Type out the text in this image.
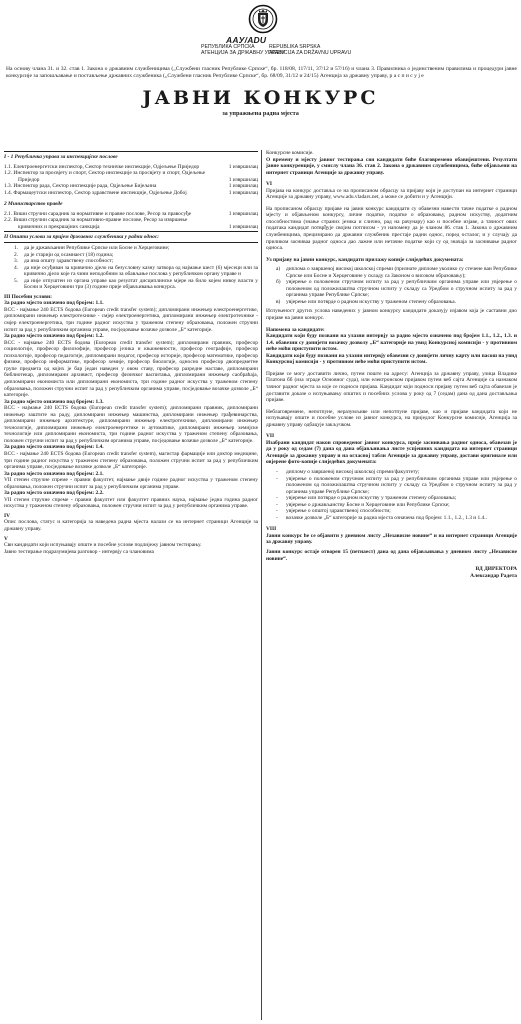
AAУ/ADU
РЕПУБЛИКА СРПСКА
АГЕНЦИЈА ЗА ДРЖАВНУ УПРАВУ
REPUBLIKA SRPSKA
AGENCIJA ZA DRŽAVNU UPRAVU
На основу члана 31. и 32. став 1. Закона о државним службеницима („Службени гласник Републике Српске“, бр. 118/08, 117/11, 37/12 и 57/16) и члана 3. Правилника о јединственим правилима и процедури јавне конкурсије за запошљавање и постављење државних службеника („Службени гласник Републике Српске“, бр. 68/09, 31/12 и 24/15) Агенција за државну управу, р а с п и с у ј е
ЈАВНИ КОНКУРС
за упражњена радна мјеста
I - 1 Републичка управа за инспекцијске послове
1.1. Електроенергетски инспектор, Сектор техничке инспекције, Одјељење Приједор	1 извршилац
1.2. Инспектор за просвјету и спорт, Сектор инспекције за просвјету и спорт, Одјељење Приједор	1 извршилац
1.3. Инспектор рада, Сектор инспекције рада, Одјељење Бијељина	1 извршилац
1.4. Фармацеутски инспектор, Сектор здравствене инспекције, Одјељење Добој	1 извршилац
2 Министарство правде
2.1. Виши стручни сарадник за нормативне и правне послове, Ресор за правосуђе	1 извршилац
2.2. Виши стручни сарадник за нормативно-правне послове, Ресор за извршење кривичних и прекршајних санкција	1 извршилац
II Општи услови за пријем државног службеника у радни однос:
1.	да је држављанин Републике Српске или Босне и Херцеговине;
2.	да је старији од осамнаест (18) година;
3.	да има општу здравствену способност;
4.	да није осуђиван за кривично дјело на безусловну казну затвора од најмање шест (6) мјесеци или за кривично дјело које га чини неподобним за обављање послова у републичком органу управе и
5.	да није отпуштен из органа управе као резултат дисциплинске мјере на било којем нивоу власти у Босни и Херцеговини три (3) године прије објављивања конкурса.
III Посебни услови:
За радно мјесто означено под бројем: 1.1.
ВСС - најмање 240 ECTS бодова (European credit transfer system); дипломирани инжењер електроенергетике, дипломирани инжењер електротехнике - смјер електроенергетика, дипломирани инжењер електротехнике - смјер електроенергетика, три године радног искуства у траженом степену образовања, положен стручни испит за рад у републичким органима управе, посједовање возачке дозволе „Б“ категорије.
За радно мјесто означено под бројем: 1.2.
ВСС - најмање 240 ECTS бодова (European credit transfer system); дипломирани правник, професор социологије, професор филозофије, професор језика и књижевности, професор географије, професор психологије, професор педагогије, дипломирани педагог, професор историје, професор математике, професор физике, професор информатике, професор хемије, професор биологије, односно професор двопредметне групе предмета од којих је бар један наведен у овом ставу, професор разредне наставе, дипломирани библиотекар, дипломирани архивист, професор физичког васпитања, дипломирани инжењер саобраћаја, дипломирани економиста или дипломирани економиста, три године радног искуства у траженом степену образовања, положен стручни испит за рад у републичким органима управе, посједовање возачке дозволе „Б“ категорије.
За радно мјесто означено под бројем: 1.3.
ВСС - најмање 240 ECTS бодова (European credit transfer system); дипломирани правник, дипломирани инжењер заштите на раду, дипломирани инжењер машинства, дипломирани инжењер грађевинарства, дипломирани инжењер архитектуре, дипломирани инжењер електротехнике, дипломирани инжењер технологије, дипломирани инжењер електроенергетике и аутоматике, дипломирани инжењер хемијске технологије или дипломирани економиста, три године радног искуства у траженом степену образовања, положен стручни испит за рад у републичким органима управе, посједовање возачке дозволе „Б“ категорије.
За радно мјесто означено под бројем: 1.4.
ВСС - најмање 240 ECTS бодова (European credit transfer system), магистар фармације или доктор медицине, три године радног искуства у траженом степену образовања, положен стручни испит за рад у републичким органима управе, посједовање возачке дозволе „Б“ категорије.
За радно мјесто означено под бројем: 2.1.
VII степен стручне спреме - правни факултет, најмање двије године радног искуства у траженом степену образовања, положен стручни испит за рад у републичким органима управе.
За радно мјесто означено под бројем: 2.2.
VII степен стручне спреме - правни факултет или факултет правних наука, најмање једна година радног искуства у траженом степену образовања, положен стручни испит за рад у републичким органима управе.
IV
Опис послова, статус и категорија за наведена радна мјеста налази се на интернет страници Агенције за државну управу.
V
Сви кандидати који испуњавају опште и посебне услове подлијежу јавном тестирању.
Јавно тестирање подразумијева разговор - интервју са члановима
Конкурсне комисије.
О времену и мјесту јавног тестирања сви кандидати биће благовремено обавијештени. Резултати јавне конкуренције, у смислу члана 36. став 2. Закона о државним службеницима, биће објављени на интернет страници Агенције за државну управу.
VI
Пријава на конкурс доставља се на прописаном обрасцу за пријаву који је доступан на интернет страници Агенције за државну управу, www.adu.vladars.net, а може се добити и у Агенцији.
На прописаном обрасцу пријаве на јавни конкурс кандидати су обавезни навести тачне податке о радном мјесту и објављеном конкурсу, личне податке, податке о образовању, радном искуству, додатним способностима (знање страних језика и слично, рад на рачунару) као и посебне изјаве, а тачност ових података кандидат потврђује својим потписом - уз напомену да је чланом 86. став 1. Закона о државним службеницима, прецизирано да државни службеник престаје радни однос, поред осталог, и у случају да приликом засниваа радног односа дао лажне или нетачне податке који су од значаја за заснивање радног односа.
Уз пријаву на јавни конкурс, кандидати прилажу копије слиједећих докумената:
а)	диплома о завршеној високој школској спреми (признате дипломе уколико су стечене ван Републике Српске или Босне и Херцеговине у складу са Законом о високом образовању);
б)	увјерење о положеном стручном испиту за рад у републичким органима управе или увјерење о положеном од положилаштва стручном испиту у складу са Уредбом о стручном испиту за рад у органима управе Републике Српске;
в)	увјерење или потврде о радном искуству у траженом степену образовања.
Испуњеност других услова наведених у јавном конкурсу кандидати доказују изјавом која је саставни дио пријаве на јавни конкурс.
Напомена за кандидате:
Кандидати који буду позвани на улазни интервју за радно мјесто означено под бројем 1.1., 1.2., 1.3. и 1.4. обавезни су донијети возачку дозволу „Б“ категорије на увид Конкурсној комисији - у противном неће моћи приступити истом.
Кандидати који буду позвани на улазни интервју обавезни су донијети личну карту или пасош на увид Конкурсној комисији - у противном неће моћи приступити истом.
Пријаве се могу доставити лично, путем поште на адресу: Агенција за државну управу, улица Владике Платона бб (иза зграде Основног суда), или електронском пријавом путем веб сајта Агенције са назнаком тачног радног мјеста за које се подноси пријава. Кандидат који подноси пријаву путем веб сајта обавезан је доставити доказе о испуњавању општих и посебних услова у року од 7 (седам) дана од дана достављања пријаве.
Неблаговремене, непотпуне, неразумљиве или непотпуне пријаве, као и пријаве кандидата који не испуњавају опште и посебне услове из јавног конкурса, на приједлог Конкурсне комисије, Агенција за државну управу одбацује закључком.
VII
Изабрани кандидат након спроведеног јавног конкурса, прије заснивања радног односа, обавезан је да у року од седам (7) дана од дана објављивања листе успјешних кандидата на интернет страници Агенције за државну управу и на огласној табли Агенције за државну управу, достави оригинале или овјерене фото-копије слиједећих докумената:
-	диплому о завршеној високој школској спреми/факултету;
-	увјерење о положеном стручном испиту за рад у републичким органима управе или увјерење о положеном од положилаштва стручном испиту у складу са Уредбом о стручном испиту за рад у органима управе Републике Српске;
-	увјерење или потврде о радном искуству у траженом степену образовања;
-	увјерење о држављанству Босне и Херцеговине или Републике Српске;
-	увјерење о општој здравственој способности;
-	возачке дозволе „Б“ категорије за радна мјеста означена под бројем: 1.1., 1.2., 1.3 и 1.4..
VIII
Јавни конкурс ће се објавити у дневном листу „Независне новине“ и на интернет страници Агенције за државну управу.
Јавни конкурс остаје отворен 15 (петнаест) дана од дана објављивања у дневном листу „Независне новине“.
ВД ДИРЕКТОРА
Александар Радета
